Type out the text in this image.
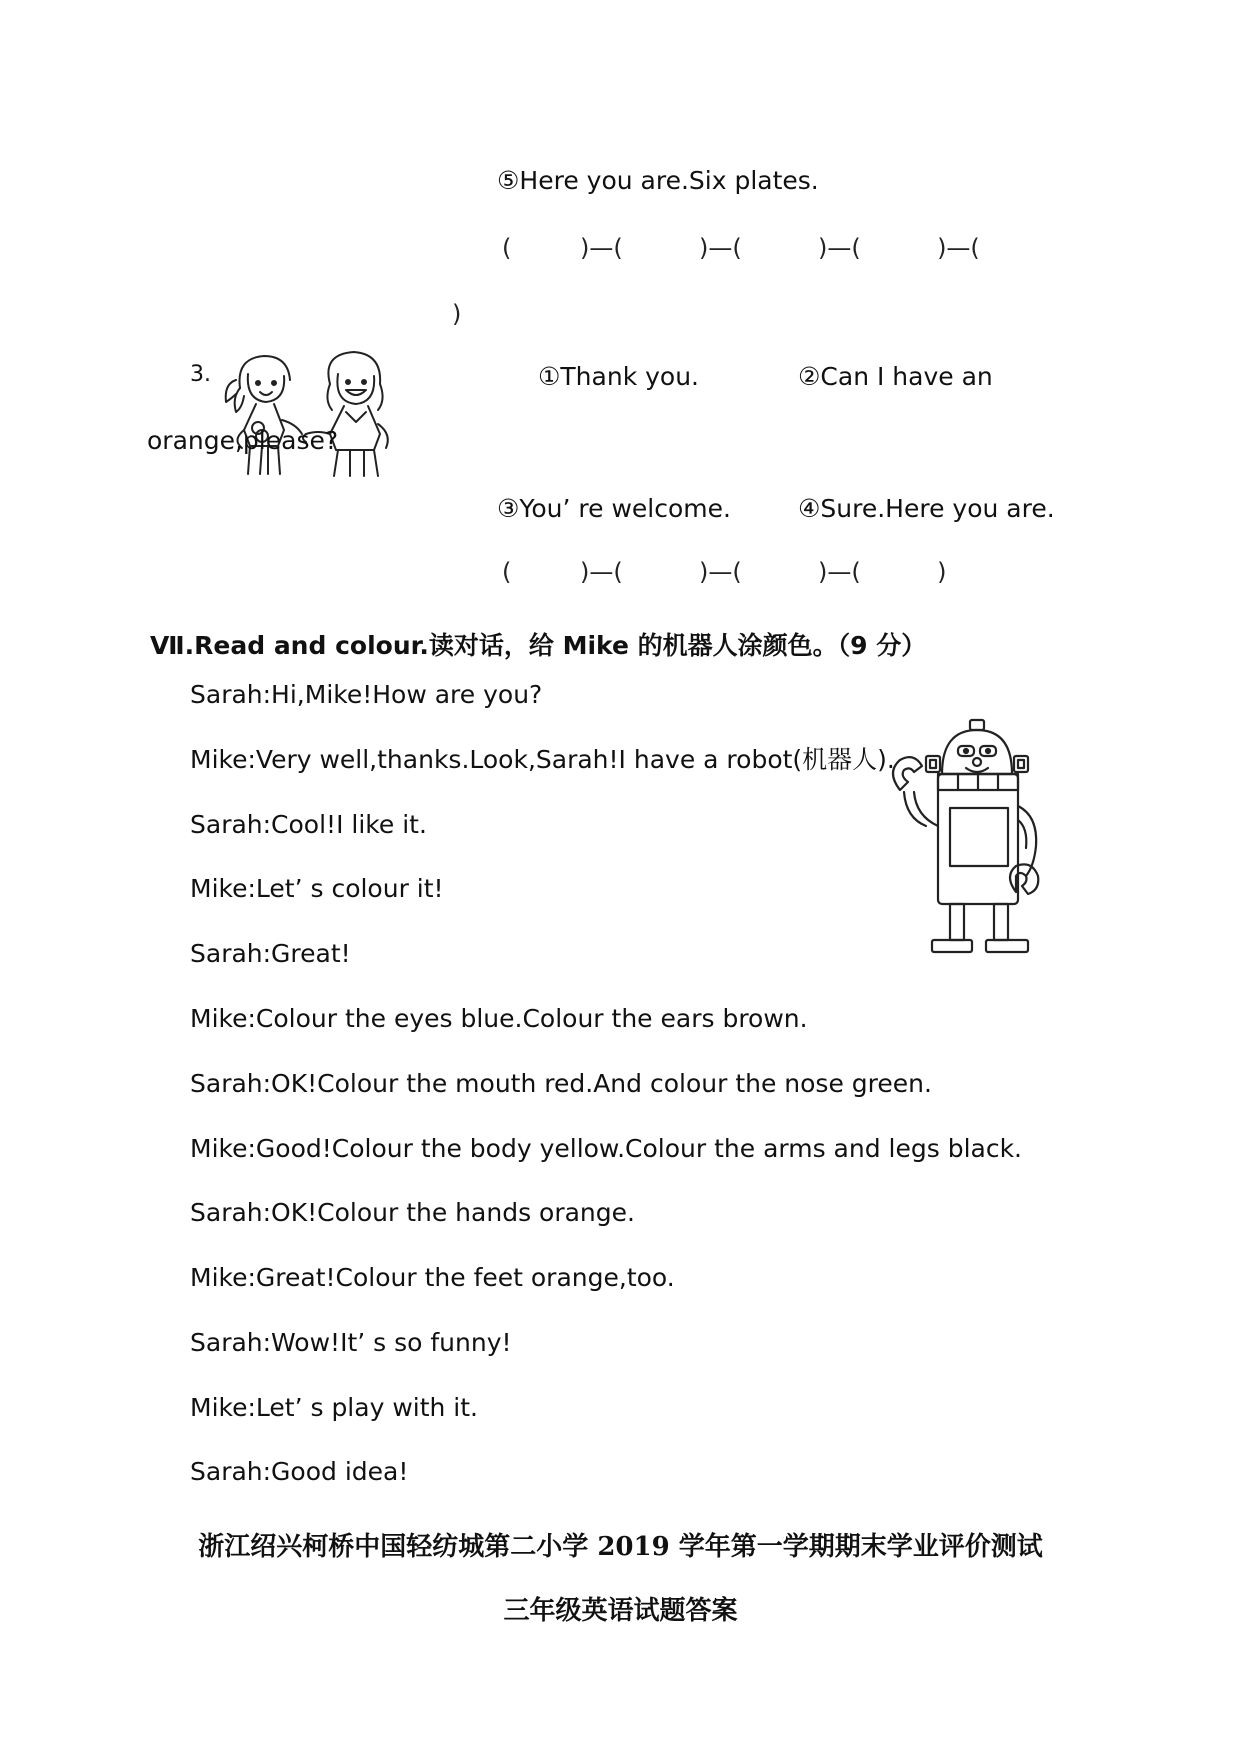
⑤Here you are.Six plates.
(         )—(          )—(          )—(          )—(
)
3.	①Thank you.	②Can I have an
orange,please?
③You’ re welcome.	④Sure.Here you are.
(         )—(          )—(          )—(          )
Ⅶ.Read and colour.读对话，给 Mike 的机器人涂颜色。（9 分）
Sarah:Hi,Mike!How are you?
Mike:Very well,thanks.Look,Sarah!I have a robot(机器人).
Sarah:Cool!I like it.
Mike:Let’ s colour it!
Sarah:Great!
Mike:Colour the eyes blue.Colour the ears brown.
Sarah:OK!Colour the mouth red.And colour the nose green.
Mike:Good!Colour the body yellow.Colour the arms and legs black.
Sarah:OK!Colour the hands orange.
Mike:Great!Colour the feet orange,too.
Sarah:Wow!It’ s so funny!
Mike:Let’ s play with it.
Sarah:Good idea!
浙江绍兴柯桥中国轻纺城第二小学 2019 学年第一学期期末学业评价测试
三年级英语试题答案
